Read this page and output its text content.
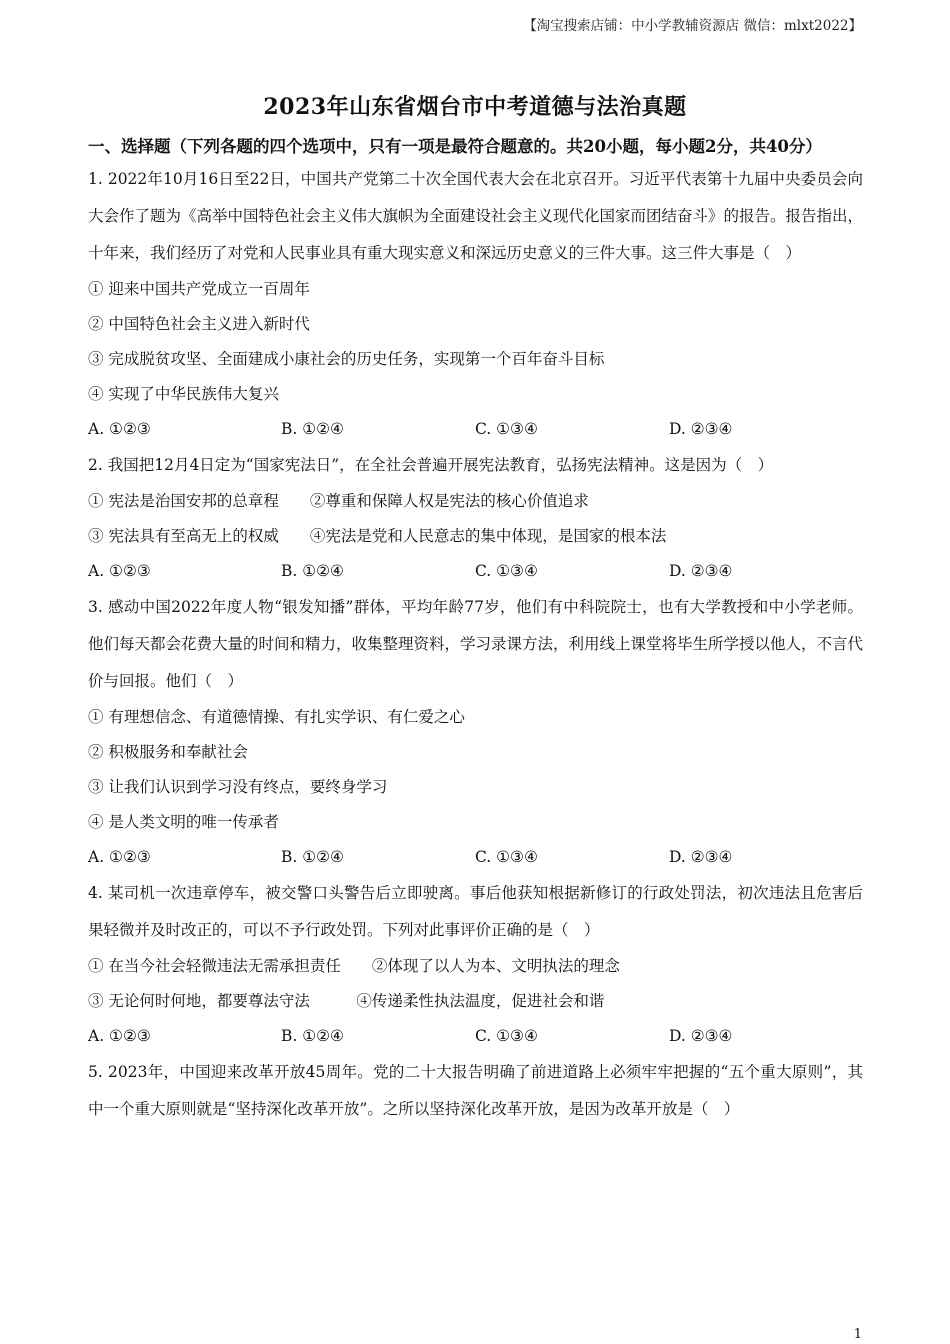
【淘宝搜索店铺：中小学教辅资源店 微信：mlxt2022】
2023年山东省烟台市中考道德与法治真题

一、选择题（下列各题的四个选项中，只有一项是最符合题意的。共20小题，每小题2分，共40分）

1. 2022年10月16日至22日，中国共产党第二十次全国代表大会在北京召开。习近平代表第十九届中央委员会向大会作了题为《高举中国特色社会主义伟大旗帜为全面建设社会主义现代化国家而团结奋斗》的报告。报告指出，十年来，我们经历了对党和人民事业具有重大现实意义和深远历史意义的三件大事。这三件大事是（　）

① 迎来中国共产党成立一百周年

② 中国特色社会主义进入新时代

③ 完成脱贫攻坚、全面建成小康社会的历史任务，实现第一个百年奋斗目标

④ 实现了中华民族伟大复兴

A. ①②③	B. ①②④	C. ①③④	D. ②③④

2. 我国把12月4日定为“国家宪法日”，在全社会普遍开展宪法教育，弘扬宪法精神。这是因为（　）

① 宪法是治国安邦的总章程　　②尊重和保障人权是宪法的核心价值追求

③ 宪法具有至高无上的权威　　④宪法是党和人民意志的集中体现，是国家的根本法

A. ①②③	B. ①②④	C. ①③④	D. ②③④

3. 感动中国2022年度人物“银发知播”群体，平均年龄77岁，他们有中科院院士，也有大学教授和中小学老师。他们每天都会花费大量的时间和精力，收集整理资料，学习录课方法，利用线上课堂将毕生所学授以他人，不言代价与回报。他们（　）

① 有理想信念、有道德情操、有扎实学识、有仁爱之心

② 积极服务和奉献社会

③ 让我们认识到学习没有终点，要终身学习

④ 是人类文明的唯一传承者

A. ①②③	B. ①②④	C. ①③④	D. ②③④

4. 某司机一次违章停车，被交警口头警告后立即驶离。事后他获知根据新修订的行政处罚法，初次违法且危害后果轻微并及时改正的，可以不予行政处罚。下列对此事评价正确的是（　）

① 在当今社会轻微违法无需承担责任　　②体现了以人为本、文明执法的理念

③ 无论何时何地，都要尊法守法　　　④传递柔性执法温度，促进社会和谐

A. ①②③	B. ①②④	C. ①③④	D. ②③④

5. 2023年，中国迎来改革开放45周年。党的二十大报告明确了前进道路上必须牢牢把握的“五个重大原则”，其中一个重大原则就是“坚持深化改革开放”。之所以坚持深化改革开放，是因为改革开放是（　）

1
